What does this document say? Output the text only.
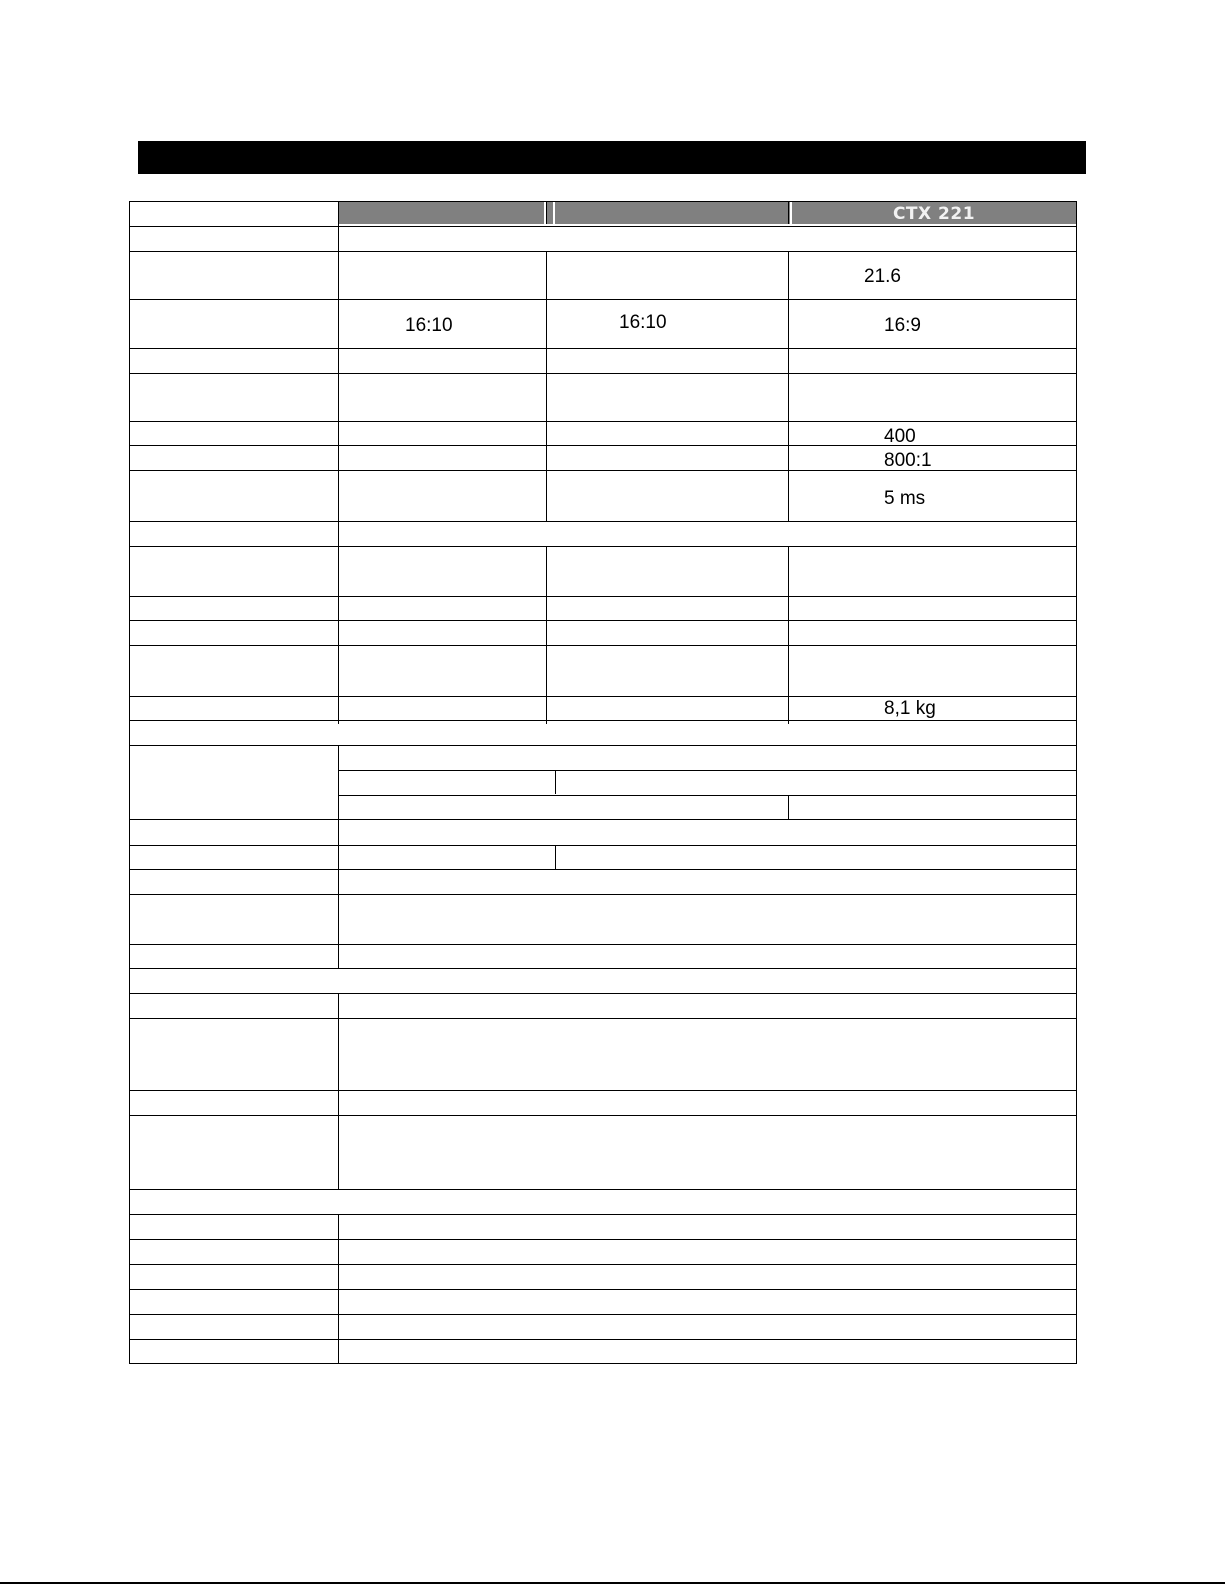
CTX 221
21.6
16:10	16:10	16:9
400
800:1
5 ms
8,1 kg
